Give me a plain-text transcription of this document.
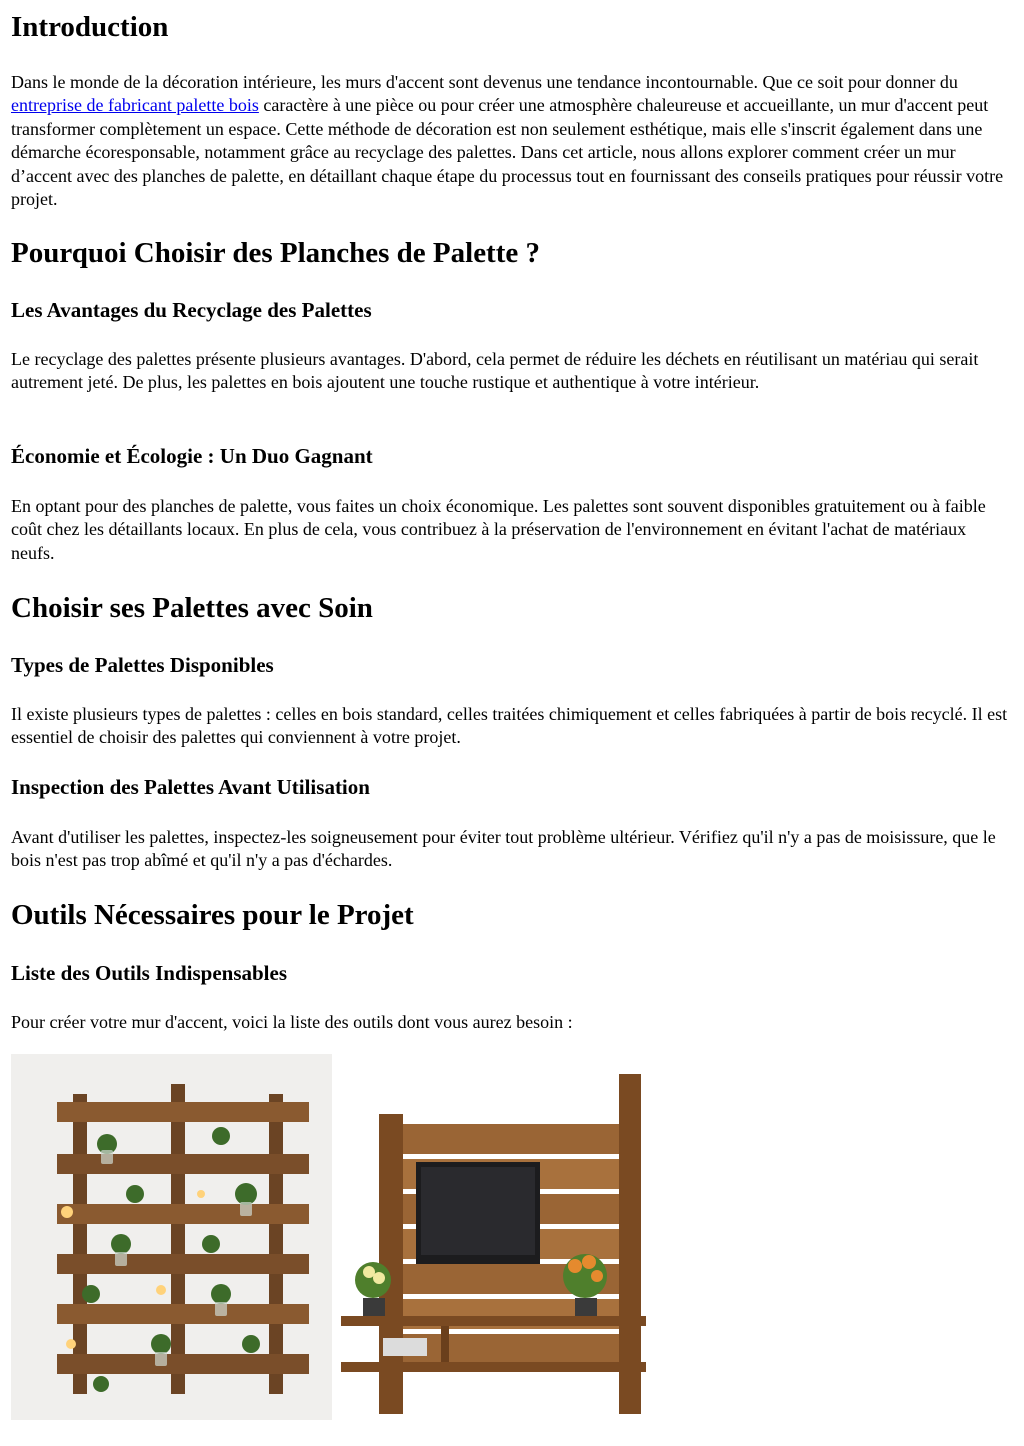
Introduction

Dans le monde de la décoration intérieure, les murs d'accent sont devenus une tendance incontournable. Que ce soit pour donner du entreprise de fabricant palette bois caractère à une pièce ou pour créer une atmosphère chaleureuse et accueillante, un mur d'accent peut transformer complètement un espace. Cette méthode de décoration est non seulement esthétique, mais elle s'inscrit également dans une démarche écoresponsable, notamment grâce au recyclage des palettes. Dans cet article, nous allons explorer comment créer un mur d’accent avec des planches de palette, en détaillant chaque étape du processus tout en fournissant des conseils pratiques pour réussir votre projet.

Pourquoi Choisir des Planches de Palette ?
Les Avantages du Recyclage des Palettes

Le recyclage des palettes présente plusieurs avantages. D'abord, cela permet de réduire les déchets en réutilisant un matériau qui serait autrement jeté. De plus, les palettes en bois ajoutent une touche rustique et authentique à votre intérieur.

Économie et Écologie : Un Duo Gagnant

En optant pour des planches de palette, vous faites un choix économique. Les palettes sont souvent disponibles gratuitement ou à faible coût chez les détaillants locaux. En plus de cela, vous contribuez à la préservation de l'environnement en évitant l'achat de matériaux neufs.

Choisir ses Palettes avec Soin
Types de Palettes Disponibles

Il existe plusieurs types de palettes : celles en bois standard, celles traitées chimiquement et celles fabriquées à partir de bois recyclé. Il est essentiel de choisir des palettes qui conviennent à votre projet.

Inspection des Palettes Avant Utilisation

Avant d'utiliser les palettes, inspectez-les soigneusement pour éviter tout problème ultérieur. Vérifiez qu'il n'y a pas de moisissure, que le bois n'est pas trop abîmé et qu'il n'y a pas d'échardes.

Outils Nécessaires pour le Projet
Liste des Outils Indispensables

Pour créer votre mur d'accent, voici la liste des outils dont vous aurez besoin :
